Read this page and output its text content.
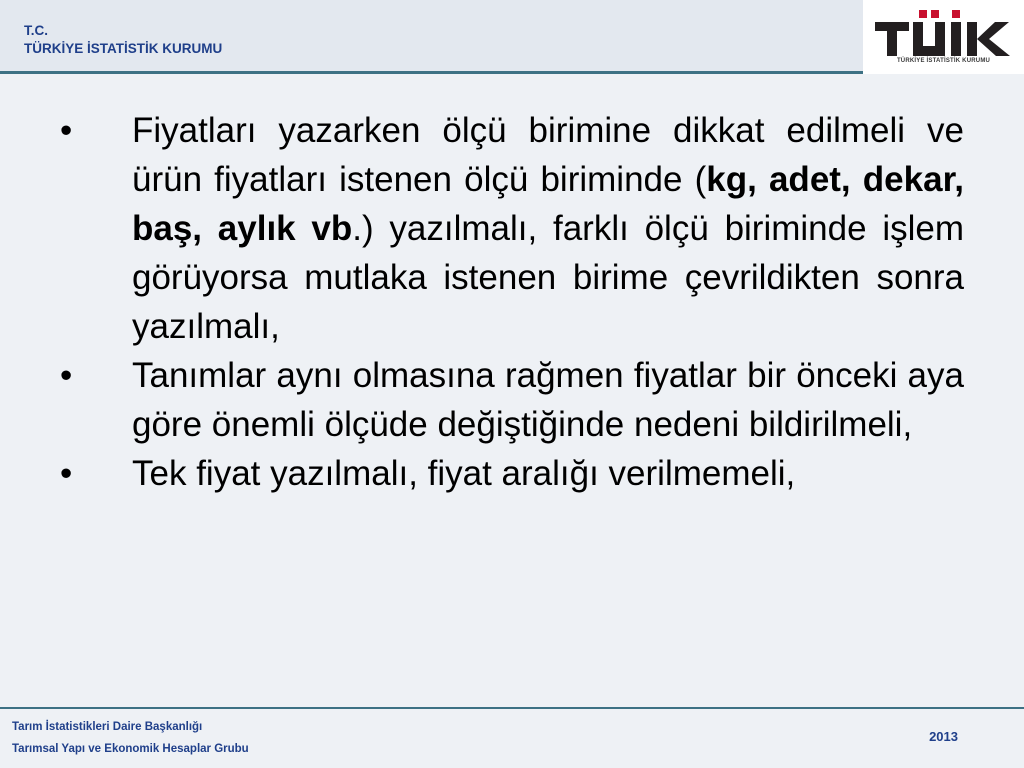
T.C.
TÜRKİYE İSTATİSTİK KURUMU
TÜRKİYE İSTATİSTİK KURUMU
•	Fiyatları yazarken ölçü birimine dikkat edilmeli ve ürün fiyatları istenen ölçü biriminde (kg, adet, dekar, baş, aylık vb.) yazılmalı, farklı ölçü biriminde işlem görüyorsa mutlaka istenen birime çevrildikten sonra yazılmalı,
•	Tanımlar aynı olmasına rağmen fiyatlar bir önceki aya göre önemli ölçüde değiştiğinde nedeni bildirilmeli,
•	Tek fiyat yazılmalı, fiyat aralığı verilmemeli,
Tarım İstatistikleri Daire Başkanlığı
Tarımsal Yapı ve Ekonomik Hesaplar Grubu
2013
